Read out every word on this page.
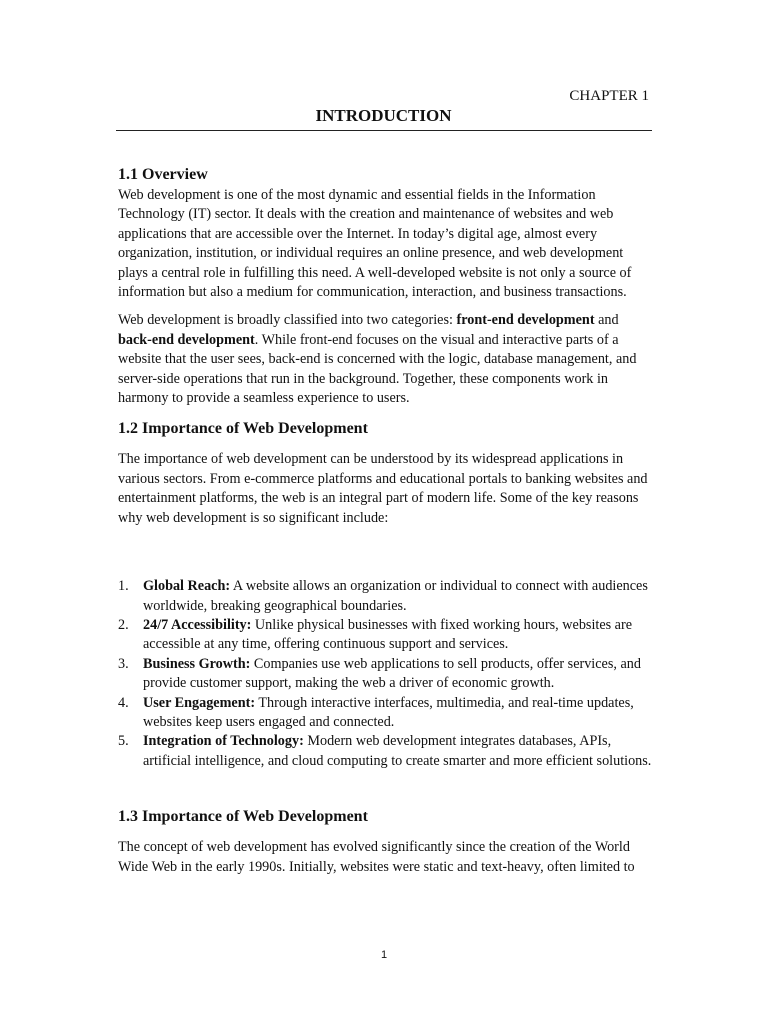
CHAPTER 1
INTRODUCTION
1.1 Overview

Web development is one of the most dynamic and essential fields in the Information Technology (IT) sector. It deals with the creation and maintenance of websites and web applications that are accessible over the Internet. In today’s digital age, almost every organization, institution, or individual requires an online presence, and web development plays a central role in fulfilling this need. A well-developed website is not only a source of information but also a medium for communication, interaction, and business transactions.

Web development is broadly classified into two categories: front-end development and back-end development. While front-end focuses on the visual and interactive parts of a website that the user sees, back-end is concerned with the logic, database management, and server-side operations that run in the background. Together, these components work in harmony to provide a seamless experience to users.

1.2 Importance of Web Development

The importance of web development can be understood by its widespread applications in various sectors. From e-commerce platforms and educational portals to banking websites and entertainment platforms, the web is an integral part of modern life. Some of the key reasons why web development is so significant include:

1. Global Reach: A website allows an organization or individual to connect with audiences worldwide, breaking geographical boundaries.
2. 24/7 Accessibility: Unlike physical businesses with fixed working hours, websites are accessible at any time, offering continuous support and services.
3. Business Growth: Companies use web applications to sell products, offer services, and provide customer support, making the web a driver of economic growth.
4. User Engagement: Through interactive interfaces, multimedia, and real-time updates, websites keep users engaged and connected.
5. Integration of Technology: Modern web development integrates databases, APIs, artificial intelligence, and cloud computing to create smarter and more efficient solutions.
1.3 Importance of Web Development

The concept of web development has evolved significantly since the creation of the World Wide Web in the early 1990s. Initially, websites were static and text-heavy, often limited to

1
